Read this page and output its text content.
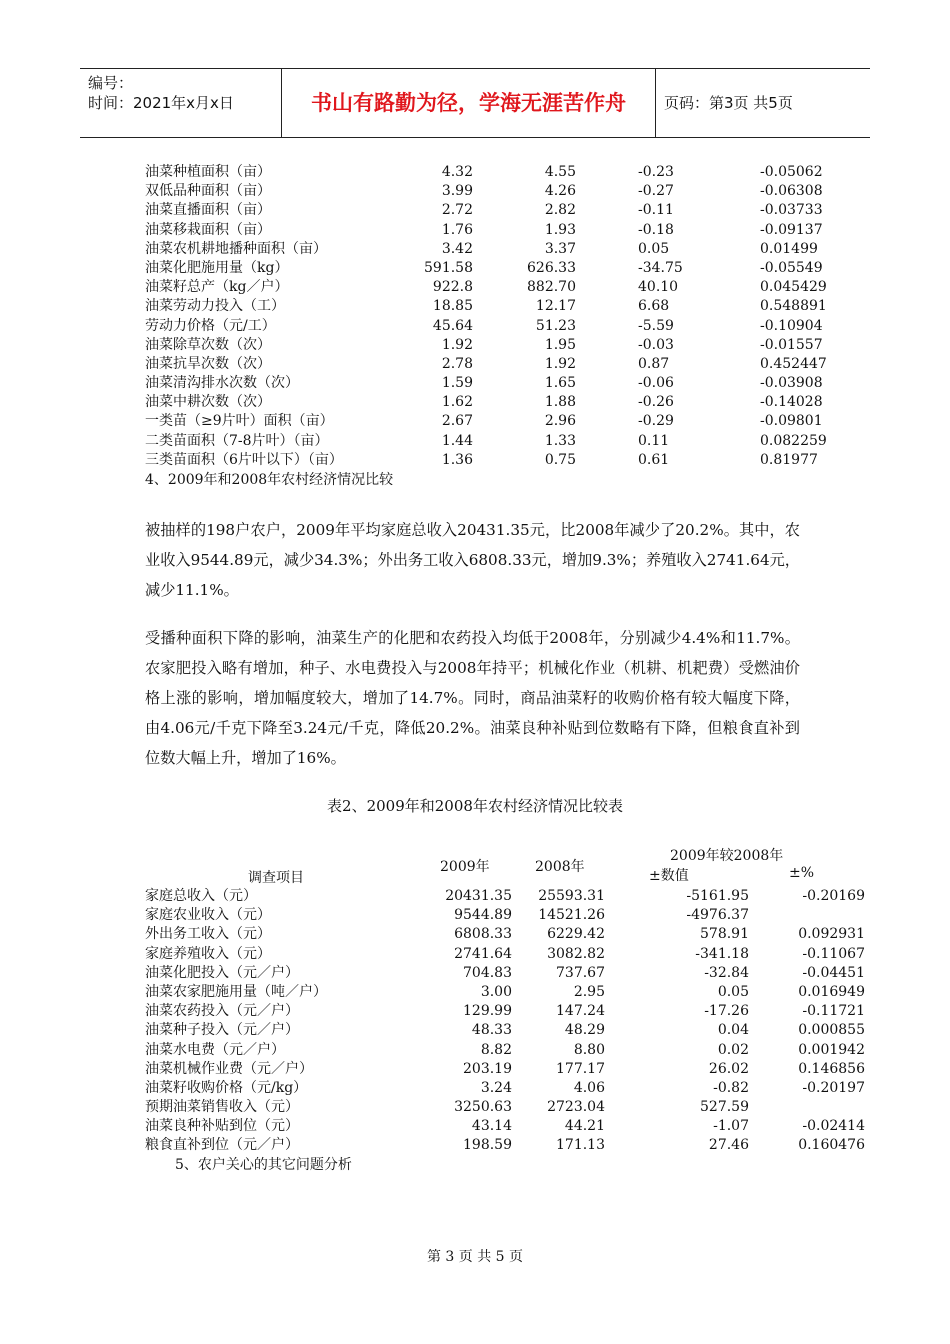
编号：
时间：2021年x月x日	书山有路勤为径，学海无涯苦作舟	页码：第3页 共5页
油菜种植面积（亩）	4.32	4.55	-0.23	-0.05062
双低品种面积（亩）	3.99	4.26	-0.27	-0.06308
油菜直播面积（亩）	2.72	2.82	-0.11	-0.03733
油菜移栽面积（亩）	1.76	1.93	-0.18	-0.09137
油菜农机耕地播种面积（亩）	3.42	3.37	0.05	0.01499
油菜化肥施用量（kg）	591.58	626.33	-34.75	-0.05549
油菜籽总产（kg／户）	922.8	882.70	40.10	0.045429
油菜劳动力投入（工）	18.85	12.17	6.68	0.548891
劳动力价格（元/工）	45.64	51.23	-5.59	-0.10904
油菜除草次数（次）	1.92	1.95	-0.03	-0.01557
油菜抗旱次数（次）	2.78	1.92	0.87	0.452447
油菜清沟排水次数（次）	1.59	1.65	-0.06	-0.03908
油菜中耕次数（次）	1.62	1.88	-0.26	-0.14028
一类苗（≥9片叶）面积（亩）	2.67	2.96	-0.29	-0.09801
二类苗面积（7-8片叶）（亩）	1.44	1.33	0.11	0.082259
三类苗面积（6片叶以下）（亩）	1.36	0.75	0.61	0.81977
4、2009年和2008年农村经济情况比较
被抽样的198户农户，2009年平均家庭总收入20431.35元，比2008年减少了20.2%。其中，农业收入9544.89元，减少34.3%；外出务工收入6808.33元，增加9.3%；养殖收入2741.64元，减少11.1%。
受播种面积下降的影响，油菜生产的化肥和农药投入均低于2008年，分别减少4.4%和11.7%。农家肥投入略有增加，种子、水电费投入与2008年持平；机械化作业（机耕、机耙费）受燃油价格上涨的影响，增加幅度较大，增加了14.7%。同时，商品油菜籽的收购价格有较大幅度下降，由4.06元/千克下降至3.24元/千克，降低20.2%。油菜良种补贴到位数略有下降，但粮食直补到位数大幅上升，增加了16%。
表2、2009年和2008年农村经济情况比较表
调查项目
2009年	2008年
2009年较2008年
±数值	±%
家庭总收入（元）	20431.35 25593.31	-5161.95	-0.20169
家庭农业收入（元）	9544.89 14521.26	-4976.37
外出务工收入（元）	6808.33	6229.42	578.91	0.092931
家庭养殖收入（元）	2741.64	3082.82	-341.18	-0.11067
油菜化肥投入（元／户）	704.83	737.67	-32.84	-0.04451
油菜农家肥施用量（吨／户）	3.00	2.95	0.05	0.016949
油菜农药投入（元／户）	129.99	147.24	-17.26	-0.11721
油菜种子投入（元／户）	48.33	48.29	0.04	0.000855
油菜水电费（元／户）	8.82	8.80	0.02	0.001942
油菜机械作业费（元／户）	203.19	177.17	26.02	0.146856
油菜籽收购价格（元/kg）	3.24	4.06	-0.82	-0.20197
预期油菜销售收入（元）	3250.63	2723.04	527.59
油菜良种补贴到位（元）	43.14	44.21	-1.07	-0.02414
粮食直补到位（元／户）	198.59	171.13	27.46	0.160476
5、农户关心的其它问题分析
第 3 页 共 5 页
